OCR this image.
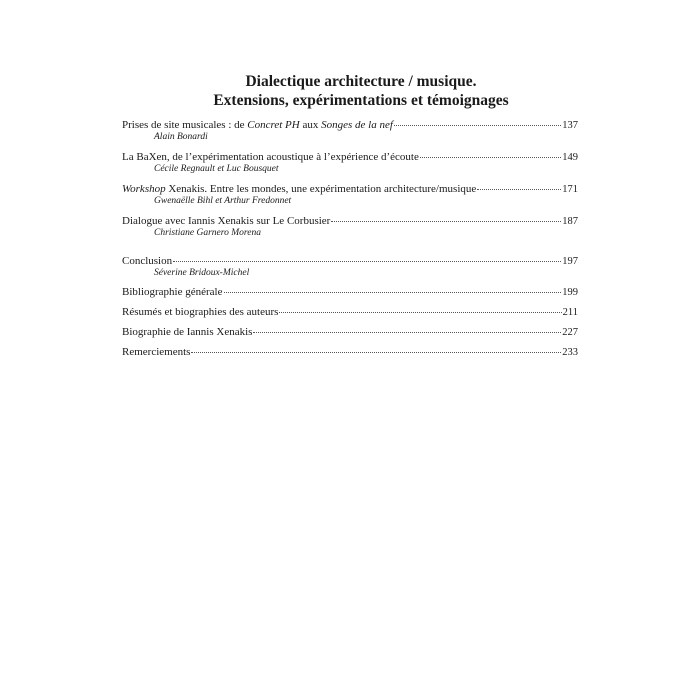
Dialectique architecture / musique.
Extensions, expérimentations et témoignages
Prises de site musicales : de Concret PH aux Songes de la nef	137
Alain Bonardi
La BaXen, de l’expérimentation acoustique à l’expérience d’écoute	149
Cécile Regnault et Luc Bousquet
Workshop Xenakis. Entre les mondes, une expérimentation architecture/musique	171
Gwenaëlle Bihl et Arthur Fredonnet
Dialogue avec Iannis Xenakis sur Le Corbusier	187
Christiane Garnero Morena
Conclusion	197
Séverine Bridoux-Michel
Bibliographie générale	199
Résumés et biographies des auteurs	211
Biographie de Iannis Xenakis	227
Remerciements	233
